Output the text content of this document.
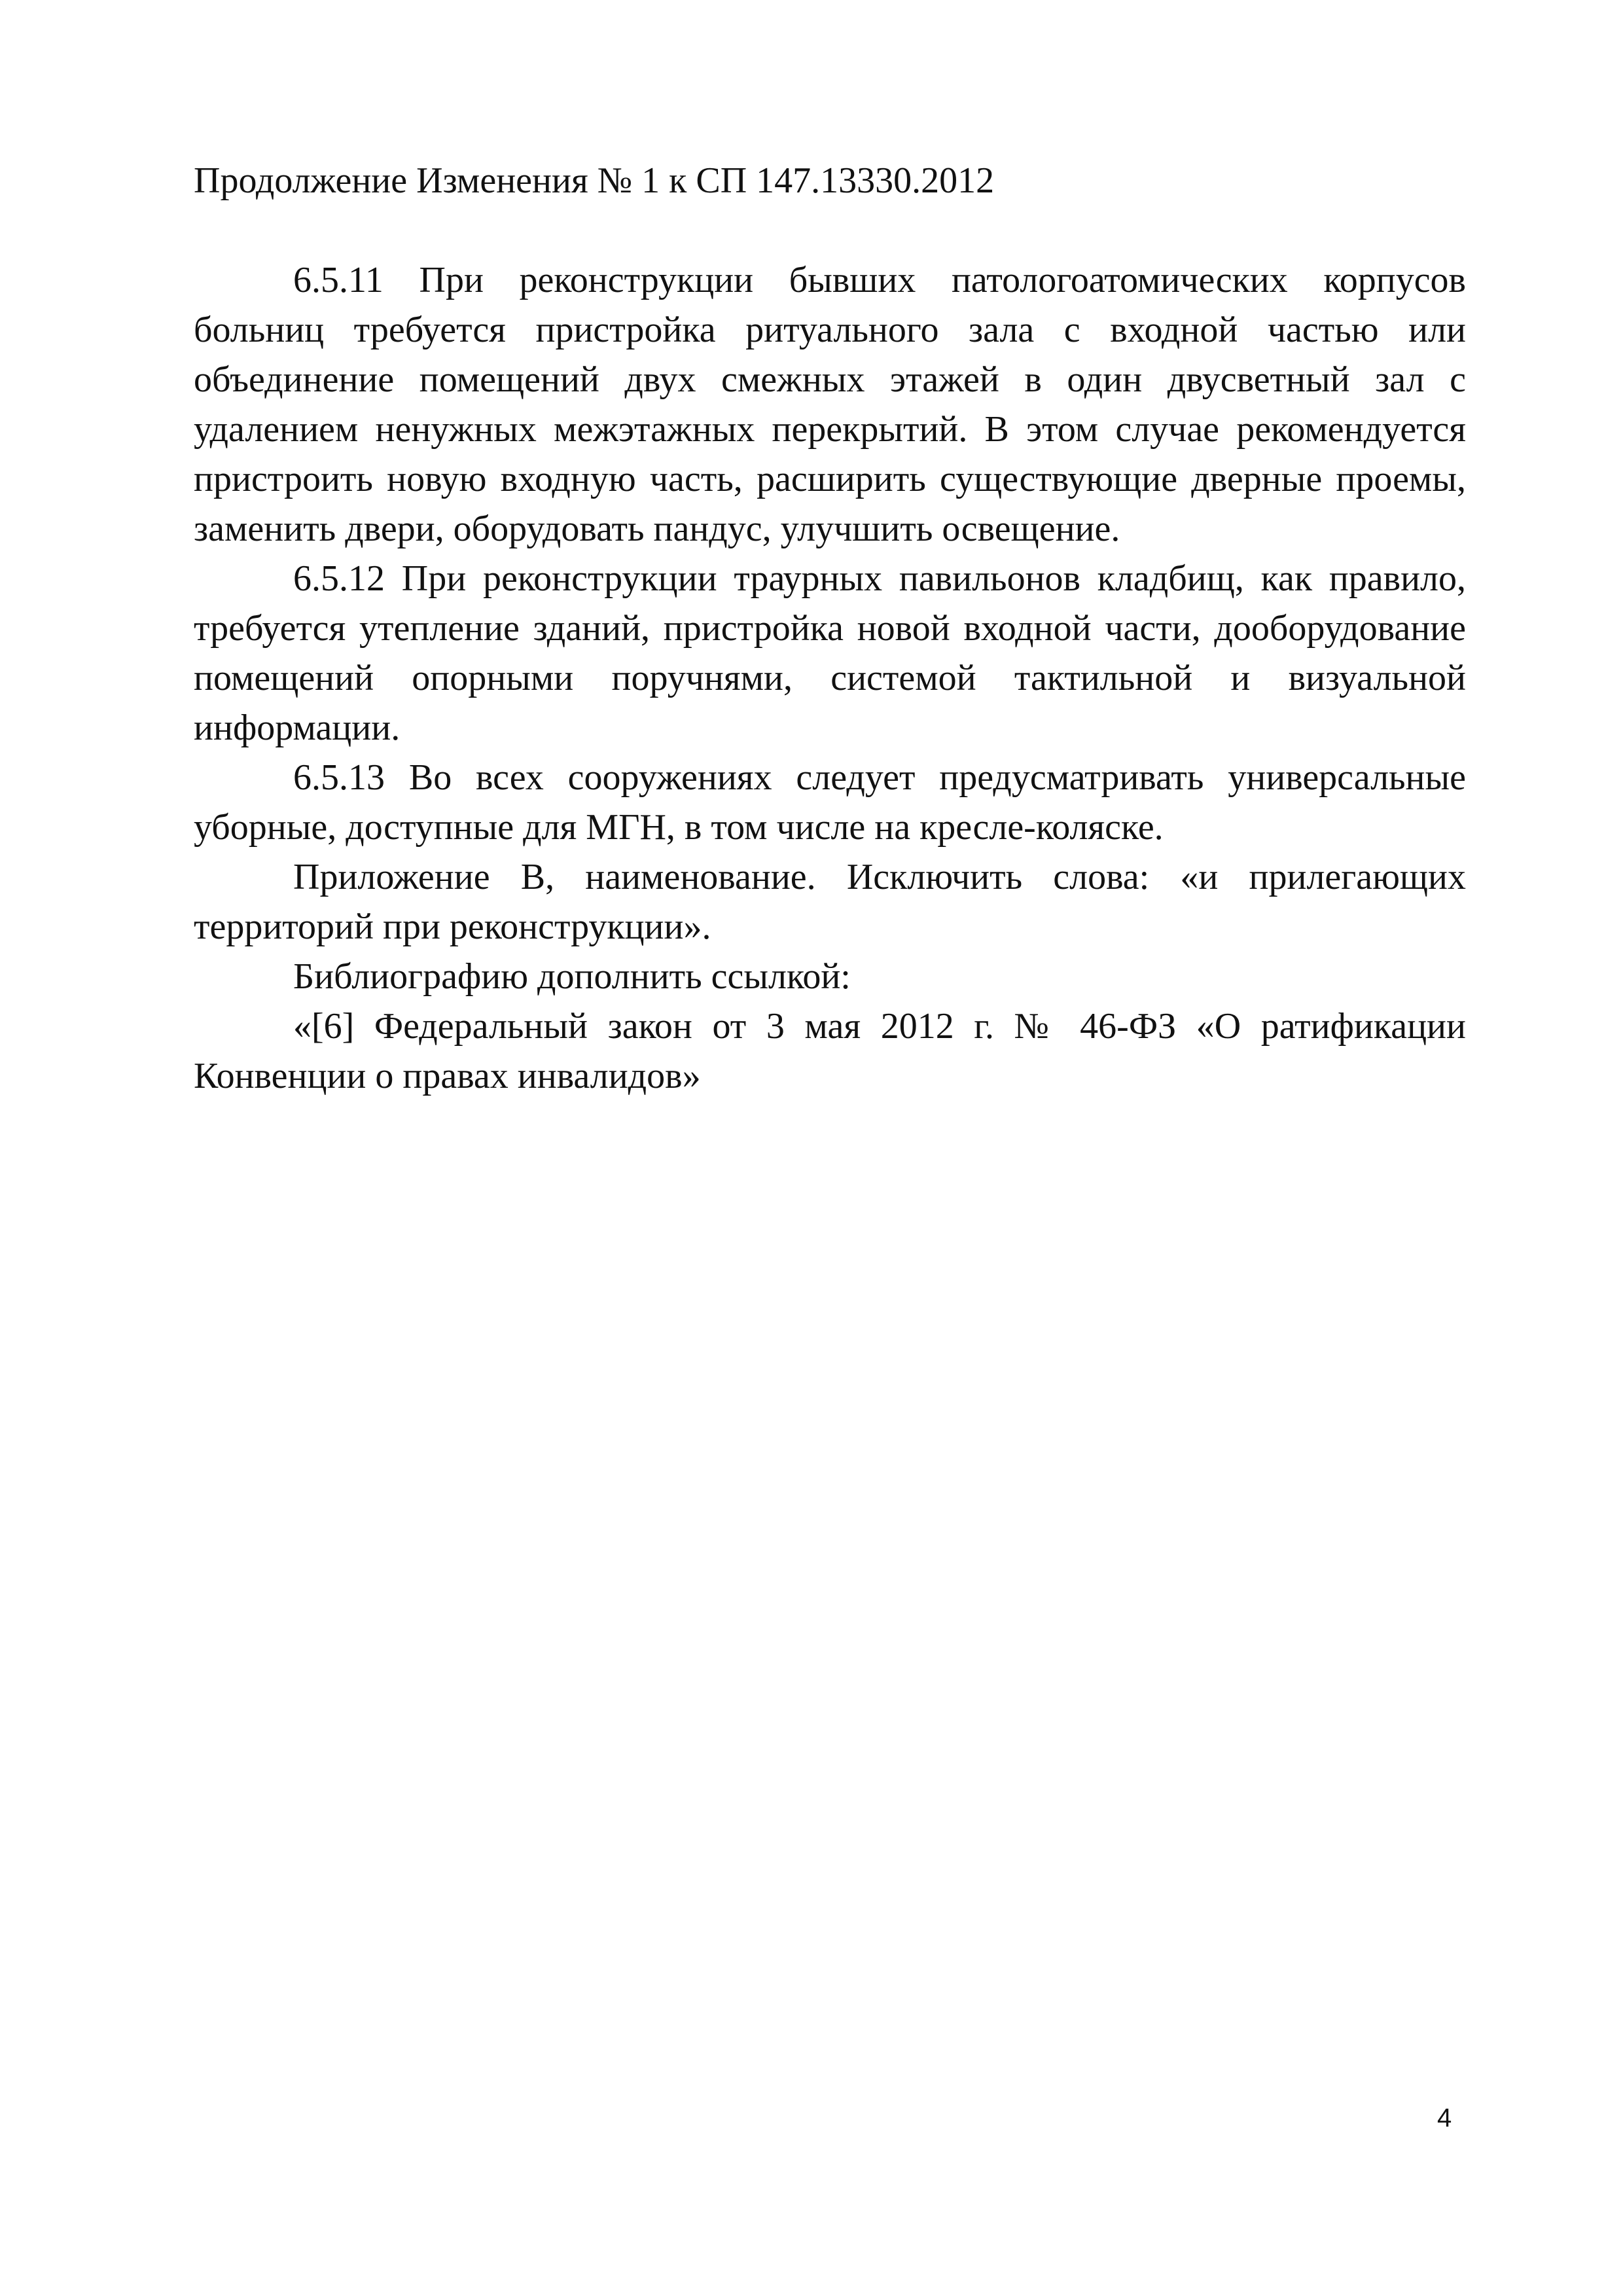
Продолжение Изменения № 1 к СП 147.13330.2012

6.5.11 При реконструкции бывших патологоатомических корпусов больниц требуется пристройка ритуального зала с входной частью или объединение помещений двух смежных этажей в один двусветный зал с удалением ненужных межэтажных перекрытий. В этом случае рекомендуется пристроить новую входную часть, расширить существующие дверные проемы, заменить двери, оборудовать пандус, улучшить освещение.

6.5.12 При реконструкции траурных павильонов кладбищ, как правило, требуется утепление зданий, пристройка новой входной части, дооборудование помещений опорными поручнями, системой тактильной и визуальной информации.

6.5.13 Во всех сооружениях следует предусматривать универсальные уборные, доступные для МГН, в том числе на кресле-коляске.

Приложение В, наименование. Исключить слова: «и прилегающих территорий при реконструкции».

Библиографию дополнить ссылкой:

«[6] Федеральный закон от 3 мая 2012 г. № 46-ФЗ «О ратификации Конвенции о правах инвалидов»

4
